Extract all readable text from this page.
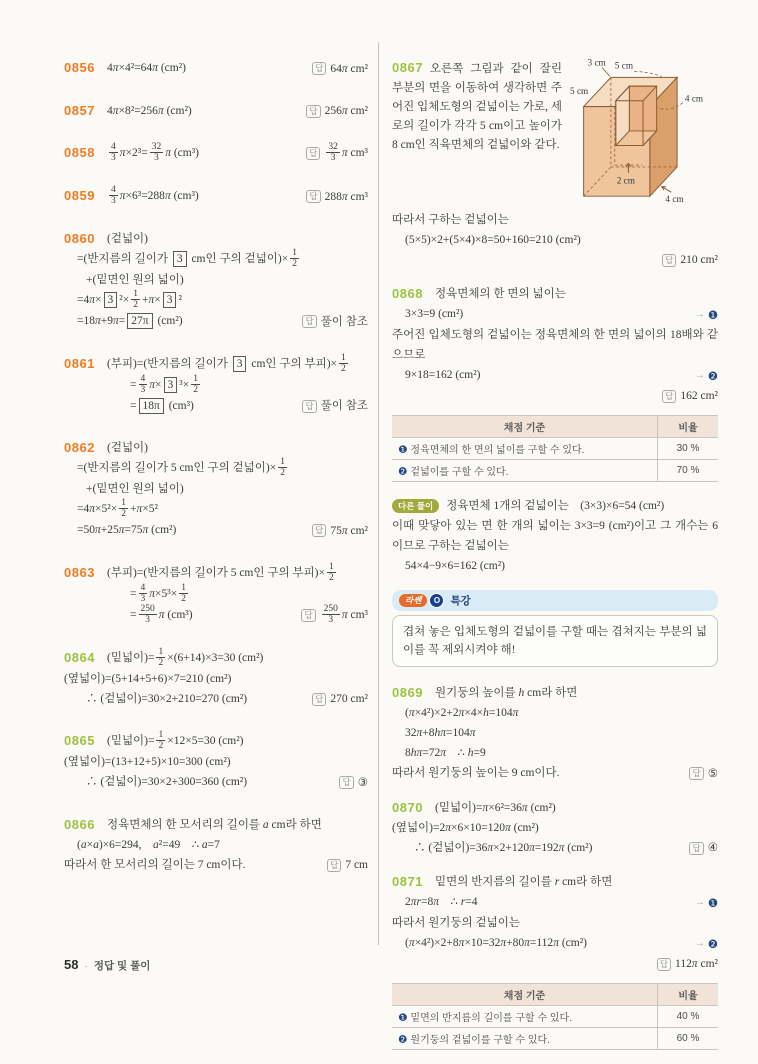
0856	4π×4²=64π (cm²)	답 64π cm²
0857	4π×8²=256π (cm²)	답 256π cm²
0858	$\frac{4}{3} \pi\times 2^3= \frac{32}{3}$ π (cm³)	답 $\frac{32}{3}$ π cm³
0859	$\frac{4}{3} \pi\times 6^3=288\pi$ (cm³)	답 288π cm³
0860	(겉넓이)
=(반지름의 길이가 3 cm인 구의 겉넓이)× $\frac{1}{2}$
+(밑면인 원의 넓이)
=4π× 3 $^2\times \frac{1}{2} +\pi\times 3$ ²
=18π+9π= 27π (cm²)	답 풀이 참조
0861	(부피)=(반지름의 길이가 3 cm인 구의 부피)× $\frac{1}{2}$
= $\frac{4}{3} \pi\times 3$ $^3\times \frac{1}{2}$
= 18π (cm³)	답 풀이 참조
0862	(겉넓이)
=(반지름의 길이가 5 cm인 구의 겉넓이)× $\frac{1}{2}$
+(밑면인 원의 넓이)
$=4\pi\times 5^2\times \frac{1}{2} +\pi\times 5^2$
=50π+25π=75π (cm²)	답 75π cm²
0863	(부피)=(반지름의 길이가 5 cm인 구의 부피)× $\frac{1}{2}$
= $\frac{4}{3} \pi\times 5^3\times \frac{1}{2}$
= $\frac{250}{3}$ π (cm³)	답 $\frac{250}{3}$ π cm³
0864	(밑넓이)= $\frac{1}{2} \times(6+14)\times 3=30$ (cm²)
(옆넓이)=(5+14+5+6)×7=210 (cm²)
∴ (겉넓이)=30×2+210=270 (cm²)	답 270 cm²
0865	(밑넓이)= $\frac{1}{2} \times 12\times 5=30$ (cm²)
(옆넓이)=(13+12+5)×10=300 (cm²)
∴ (겉넓이)=30×2+300=360 (cm²)	답 ③
0866	정육면체의 한 모서리의 길이를 a cm라 하면
(a×a)×6=294, a²=49 ∴ a=7
따라서 한 모서리의 길이는 7 cm이다.	답 7 cm
3 cm 5 cm
5 cm
4 cm
2 cm
4 cm
0867 오른쪽 그림과 같이 잘린 부분의 면을 이동하여 생각하면 주어진 입체도형의 겉넓이는 가로, 세로의 길이가 각각 5 cm이고 높이가 8 cm인 직육면체의 겉넓이와 같다.
따라서 구하는 겉넓이는
(5×5)×2+(5×4)×8=50+160=210 (cm²)
답 210 cm²
0868	정육면체의 한 면의 넓이는
3×3=9 (cm²)	→ ❶
주어진 입체도형의 겉넓이는 정육면체의 한 면의 넓이의 18배와 같으므로
9×18=162 (cm²)	→ ❷
답 162 cm²
채점 기준	비율
❶ 정육면체의 한 면의 넓이를 구할 수 있다.	30 %
❷ 겉넓이를 구할 수 있다.	70 %
다른 풀이	정육면체 1개의 겉넓이는 (3×3)×6=54 (cm²)
이때 맞닿아 있는 면 한 개의 넓이는 3×3=9 (cm²)이고 그 개수는 6이므로 구하는 겉넓이는
54×4−9×6=162 (cm²)
라쎈	O 특강
겹쳐 놓은 입체도형의 겉넓이를 구할 때는 겹쳐지는 부분의 넓이를 꼭 제외시켜야 해!
0869	원기둥의 높이를 h cm라 하면
(π×4²)×2+2π×4×h=104π
32π+8hπ=104π
8hπ=72π ∴ h=9
따라서 원기둥의 높이는 9 cm이다.	답 ⑤
0870	(밑넓이)=π×6²=36π (cm²)
(옆넓이)=2π×6×10=120π (cm²)
∴ (겉넓이)=36π×2+120π=192π (cm²)	답 ④
0871	밑면의 반지름의 길이를 r cm라 하면
2πr=8π ∴ r=4	→ ❶
따라서 원기둥의 겉넓이는
(π×4²)×2+8π×10=32π+80π=112π (cm²)	→ ❷
답 112π cm²
채점 기준	비율
❶ 밑면의 반지름의 길이를 구할 수 있다.	40 %
❷ 원기둥의 겉넓이를 구할 수 있다.	60 %
58 · 정답 및 풀이
